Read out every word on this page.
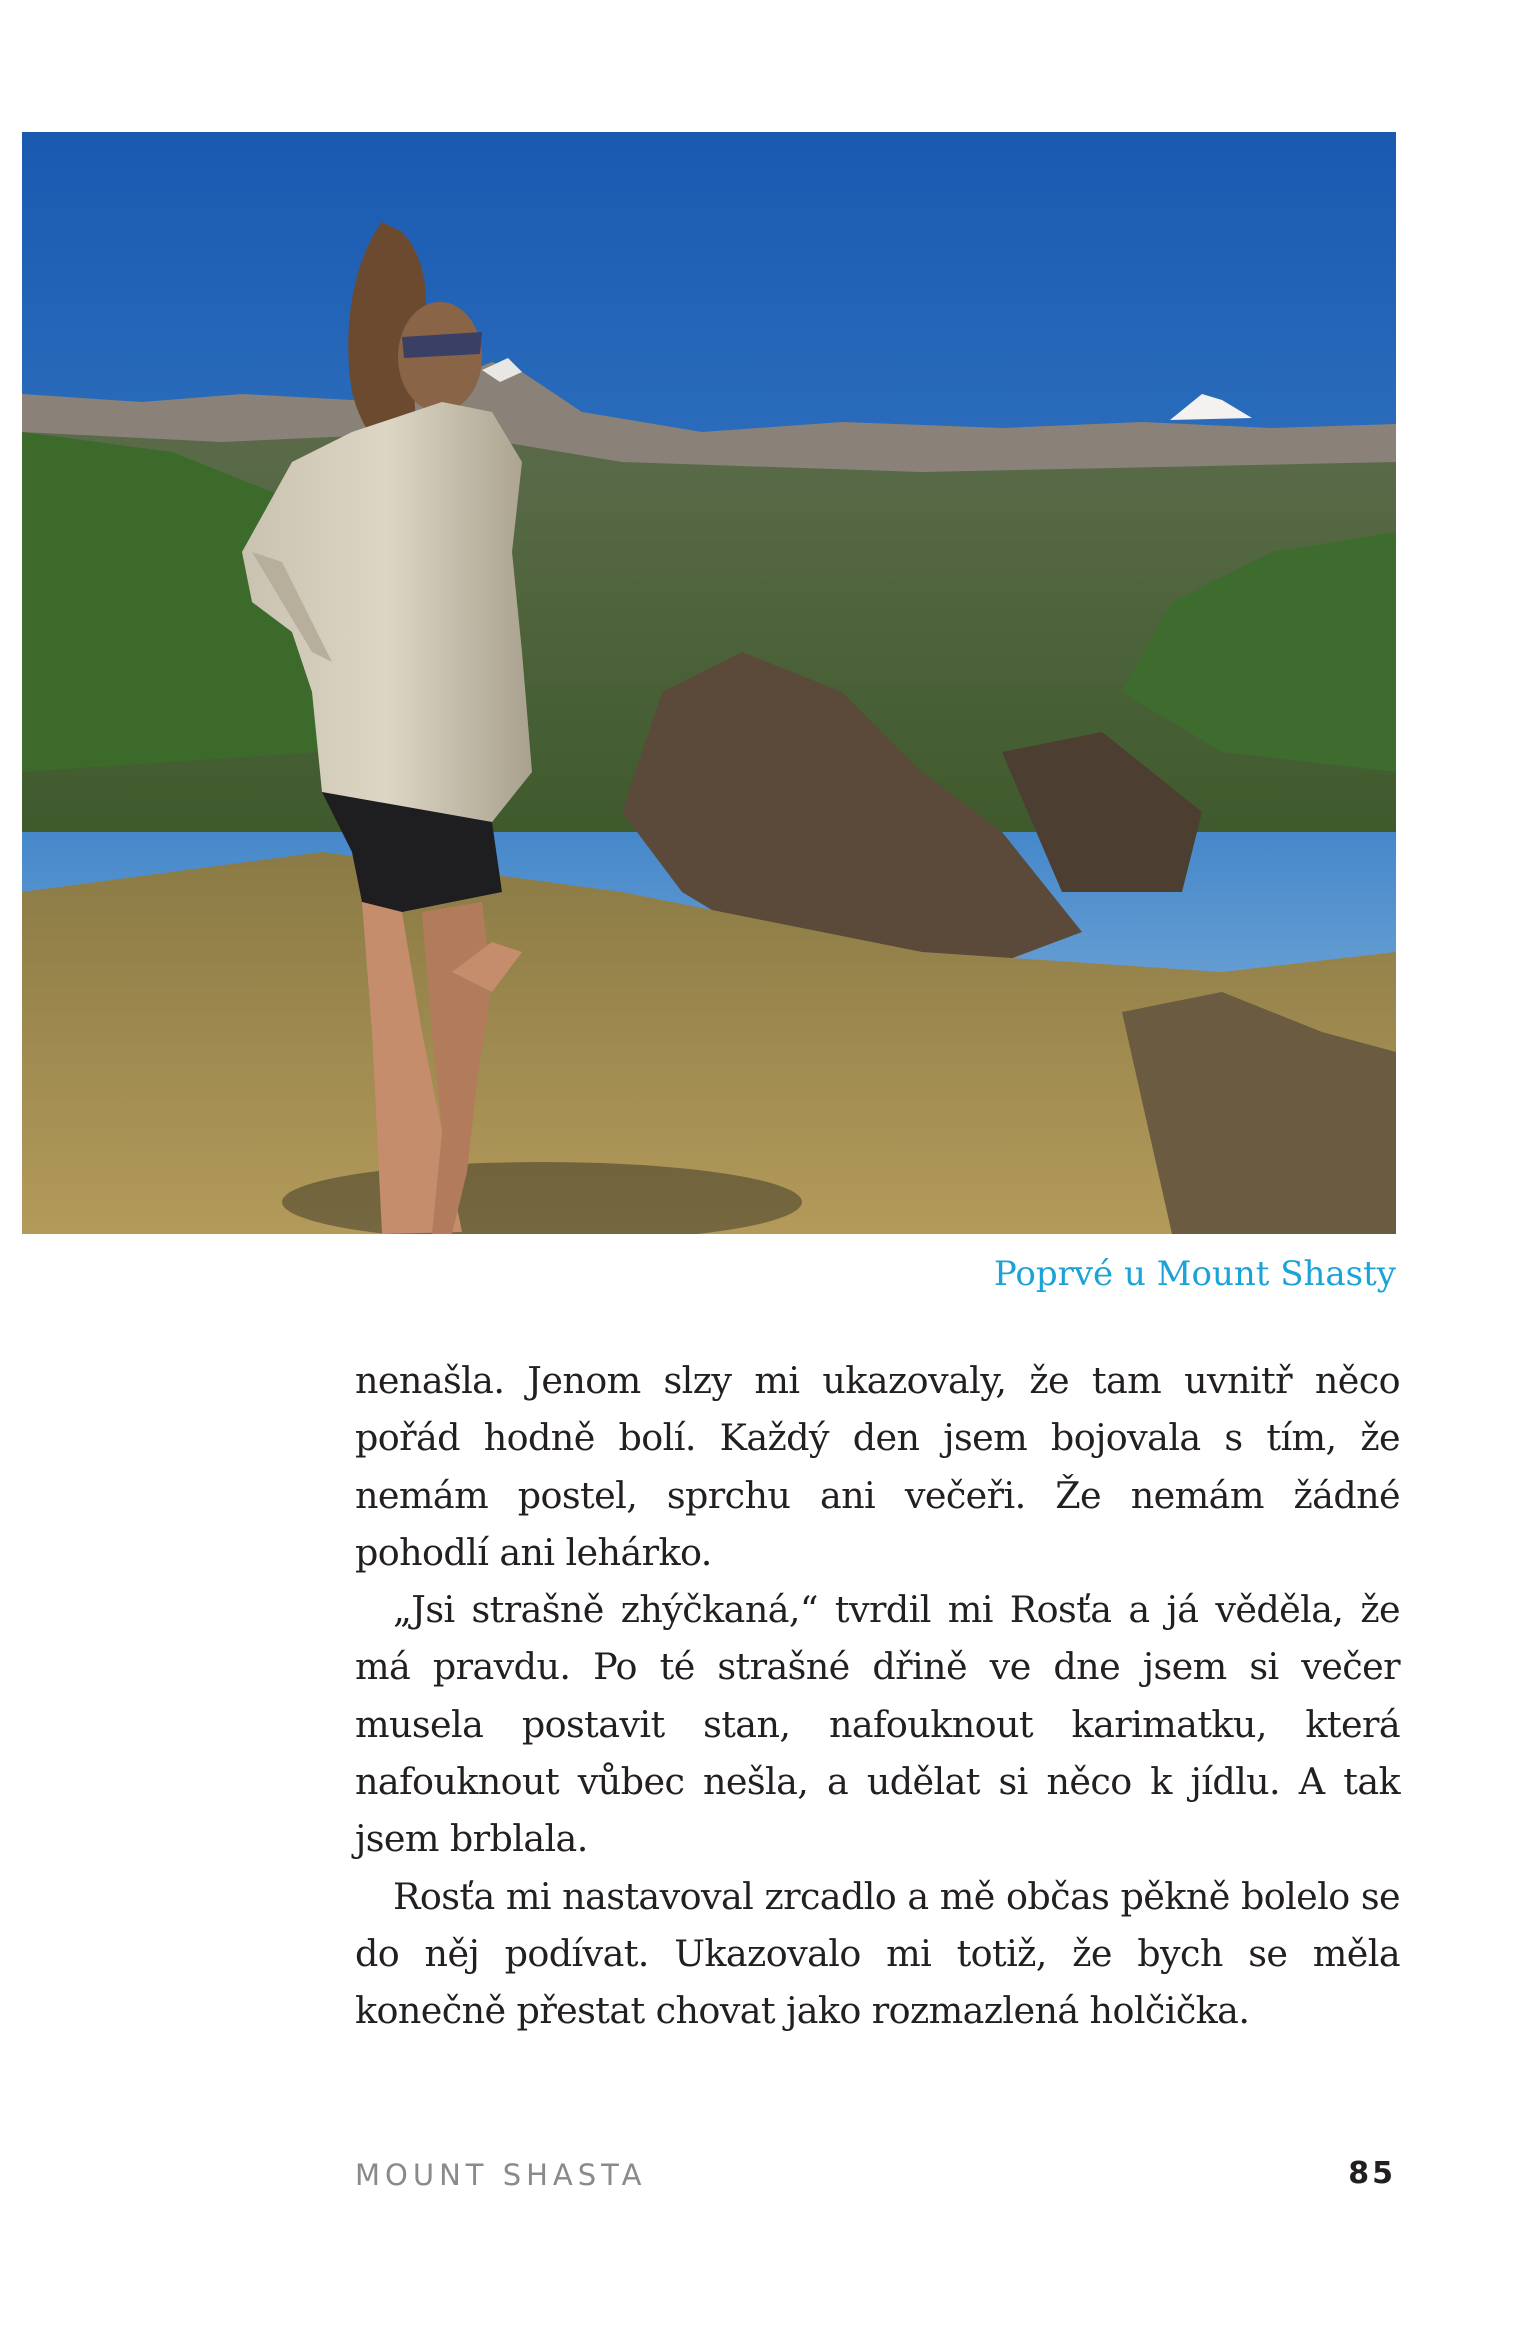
Poprvé u Mount Shasty

nenašla. Jenom slzy mi ukazovaly, že tam uvnitř něco pořád hodně bolí. Každý den jsem bojovala s tím, že nemám postel, sprchu ani večeři. Že nemám žádné pohodlí ani lehárko.

„Jsi strašně zhýčkaná,“ tvrdil mi Rosťa a já věděla, že má pravdu. Po té strašné dřině ve dne jsem si večer musela postavit stan, nafouknout karimatku, která nafouknout vůbec nešla, a udělat si něco k jídlu. A tak jsem brblala.

Rosťa mi nastavoval zrcadlo a mě občas pěkně bolelo se do něj podívat. Ukazovalo mi totiž, že bych se měla konečně přestat chovat jako rozmazlená holčička.

MOUNT SHASTA	85
